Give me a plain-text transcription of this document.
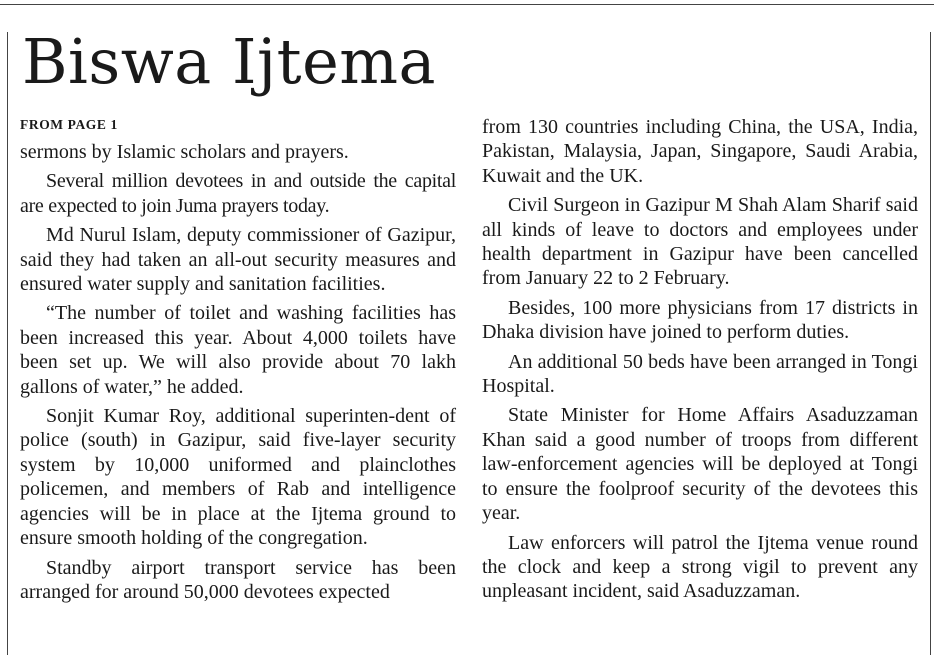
Biswa Ijtema
FROM PAGE 1

sermons by Islamic scholars and prayers.

Several million devotees in and outside the capital are expected to join Juma prayers today.

Md Nurul Islam, deputy commissioner of Gazipur, said they had taken an all-out security measures and ensured water supply and sanitation facilities.

“The number of toilet and washing facilities has been increased this year. About 4,000 toilets have been set up. We will also provide about 70 lakh gallons of water,” he added.

Sonjit Kumar Roy, additional superinten-dent of police (south) in Gazipur, said five-layer security system by 10,000 uniformed and plainclothes policemen, and members of Rab and intelligence agencies will be in place at the Ijtema ground to ensure smooth holding of the congregation.

Standby airport transport service has been arranged for around 50,000 devotees expected

from 130 countries including China, the USA, India, Pakistan, Malaysia, Japan, Singapore, Saudi Arabia, Kuwait and the UK.

Civil Surgeon in Gazipur M Shah Alam Sharif said all kinds of leave to doctors and employees under health department in Gazipur have been cancelled from January 22 to 2 February.

Besides, 100 more physicians from 17 districts in Dhaka division have joined to perform duties.

An additional 50 beds have been arranged in Tongi Hospital.

State Minister for Home Affairs Asaduzzaman Khan said a good number of troops from different law-enforcement agencies will be deployed at Tongi to ensure the foolproof security of the devotees this year.

Law enforcers will patrol the Ijtema venue round the clock and keep a strong vigil to prevent any unpleasant incident, said Asaduzzaman.
